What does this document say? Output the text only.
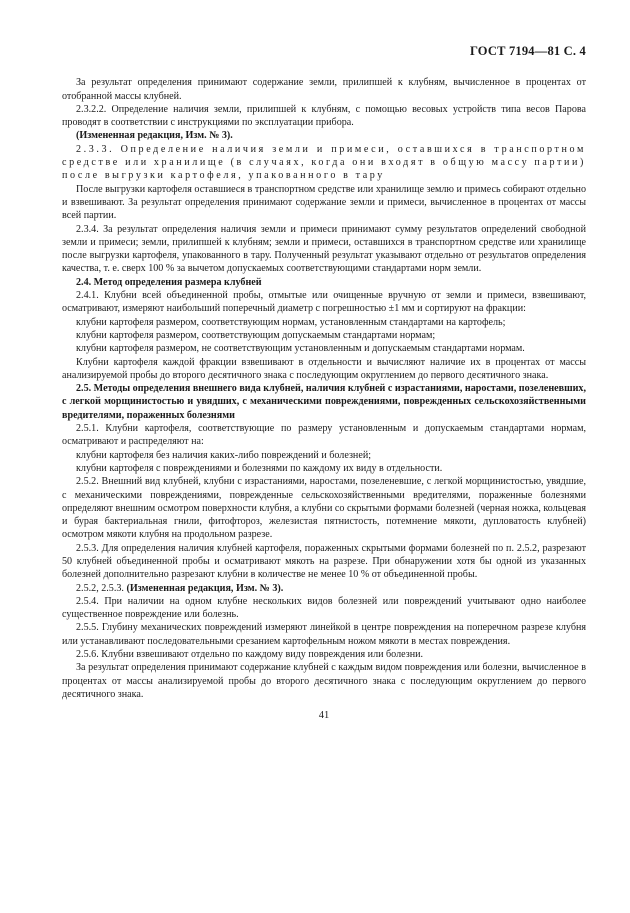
ГОСТ 7194—81 С. 4

За результат определения принимают содержание земли, прилипшей к клубням, вычисленное в процентах от отобранной массы клубней.

2.3.2.2. Определение наличия земли, прилипшей к клубням, с помощью весовых устройств типа весов Парова проводят в соответствии с инструкциями по эксплуатации прибора.

(Измененная редакция, Изм. № 3).

2.3.3. Определение наличия земли и примеси, оставшихся в транспортном средстве или хранилище (в случаях, когда они входят в общую массу партии) после выгрузки картофеля, упакованного в тару

После выгрузки картофеля оставшиеся в транспортном средстве или хранилище землю и примесь собирают отдельно и взвешивают. За результат определения принимают содержание земли и примеси, вычисленное в процентах от массы всей партии.

2.3.4. За результат определения наличия земли и примеси принимают сумму результатов определений свободной земли и примеси; земли, прилипшей к клубням; земли и примеси, оставшихся в транспортном средстве или хранилище после выгрузки картофеля, упакованного в тару. Полученный результат указывают отдельно от результатов определения качества, т. е. сверх 100 % за вычетом допускаемых соответствующими стандартами норм земли.

2.4. Метод определения размера клубней

2.4.1. Клубни всей объединенной пробы, отмытые или очищенные вручную от земли и примеси, взвешивают, осматривают, измеряют наибольший поперечный диаметр с погрешностью ±1 мм и сортируют на фракции:

клубни картофеля размером, соответствующим нормам, установленным стандартами на картофель;

клубни картофеля размером, соответствующим допускаемым стандартами нормам;

клубни картофеля размером, не соответствующим установленным и допускаемым стандартами нормам.

Клубни картофеля каждой фракции взвешивают в отдельности и вычисляют наличие их в процентах от массы анализируемой пробы до второго десятичного знака с последующим округлением до первого десятичного знака.

2.5. Методы определения внешнего вида клубней, наличия клубней с израстаниями, наростами, позеленевших, с легкой морщинистостью и увядших, с механическими повреждениями, поврежденных сельскохозяйственными вредителями, пораженных болезнями

2.5.1. Клубни картофеля, соответствующие по размеру установленным и допускаемым стандартами нормам, осматривают и распределяют на:

клубни картофеля без наличия каких-либо повреждений и болезней;

клубни картофеля с повреждениями и болезнями по каждому их виду в отдельности.

2.5.2. Внешний вид клубней, клубни с израстаниями, наростами, позеленевшие, с легкой морщинистостью, увядшие, с механическими повреждениями, поврежденные сельскохозяйственными вредителями, пораженные болезнями определяют внешним осмотром поверхности клубня, а клубни со скрытыми формами болезней (черная ножка, кольцевая и бурая бактериальная гнили, фитофтороз, железистая пятнистость, потемнение мякоти, дупловатость клубней) осмотром мякоти клубня на продольном разрезе.

2.5.3. Для определения наличия клубней картофеля, пораженных скрытыми формами болезней по п. 2.5.2, разрезают 50 клубней объединенной пробы и осматривают мякоть на разрезе. При обнаружении хотя бы одной из указанных болезней дополнительно разрезают клубни в количестве не менее 10 % от объединенной пробы.

2.5.2, 2.5.3. (Измененная редакция, Изм. № 3).

2.5.4. При наличии на одном клубне нескольких видов болезней или повреждений учитывают одно наиболее существенное повреждение или болезнь.

2.5.5. Глубину механических повреждений измеряют линейкой в центре повреждения на поперечном разрезе клубня или устанавливают последовательными срезанием картофельным ножом мякоти в местах повреждения.

2.5.6. Клубни взвешивают отдельно по каждому виду повреждения или болезни.

За результат определения принимают содержание клубней с каждым видом повреждения или болезни, вычисленное в процентах от массы анализируемой пробы до второго десятичного знака с последующим округлением до первого десятичного знака.

41
